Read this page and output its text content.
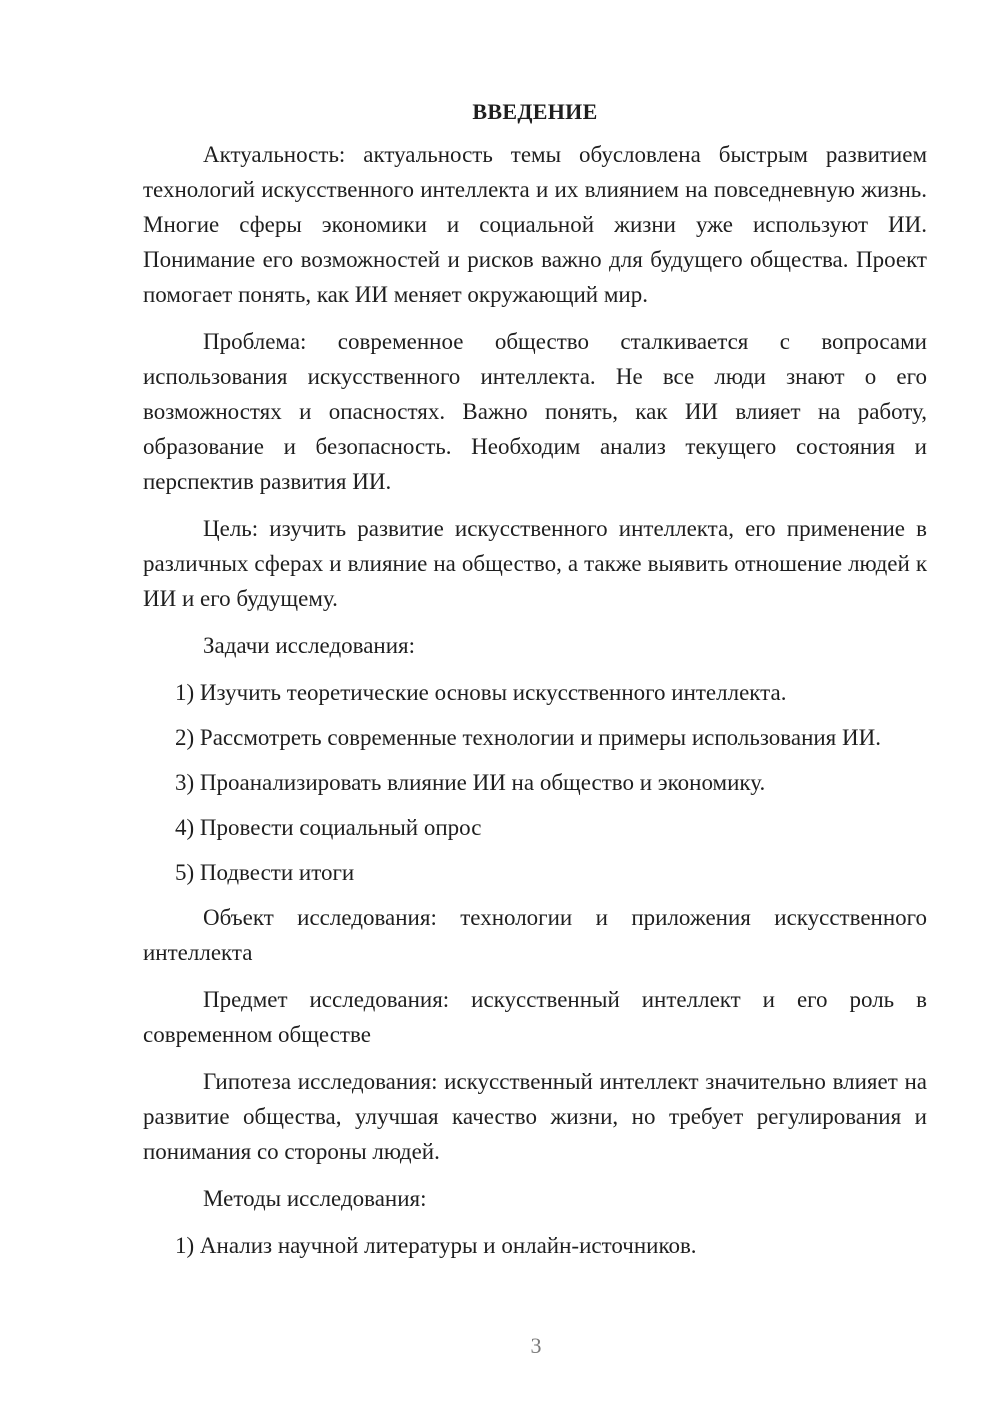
ВВЕДЕНИЕ

Актуальность: актуальность темы обусловлена быстрым развитием технологий искусственного интеллекта и их влиянием на повседневную жизнь. Многие сферы экономики и социальной жизни уже используют ИИ. Понимание его возможностей и рисков важно для будущего общества. Проект помогает понять, как ИИ меняет окружающий мир.

Проблема: современное общество сталкивается с вопросами использования искусственного интеллекта. Не все люди знают о его возможностях и опасностях. Важно понять, как ИИ влияет на работу, образование и безопасность. Необходим анализ текущего состояния и перспектив развития ИИ.

Цель: изучить развитие искусственного интеллекта, его применение в различных сферах и влияние на общество, а также выявить отношение людей к ИИ и его будущему.

Задачи исследования:

1) Изучить теоретические основы искусственного интеллекта.

2) Рассмотреть современные технологии и примеры использования ИИ.

3) Проанализировать влияние ИИ на общество и экономику.

4) Провести социальный опрос

5) Подвести итоги

Объект исследования: технологии и приложения искусственного интеллекта

Предмет исследования: искусственный интеллект и его роль в современном обществе

Гипотеза исследования: искусственный интеллект значительно влияет на развитие общества, улучшая качество жизни, но требует регулирования и понимания со стороны людей.

Методы исследования:

1) Анализ научной литературы и онлайн-источников.

3
